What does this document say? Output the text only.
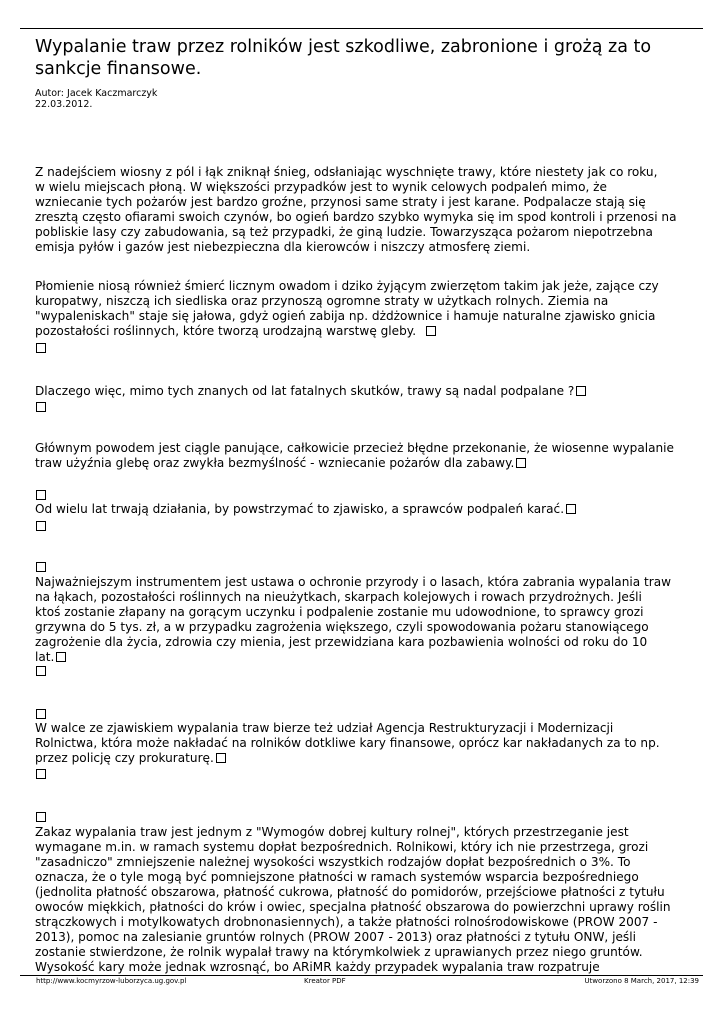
Wypalanie traw przez rolników jest szkodliwe, zabronione i grożą za to sankcje finansowe.
Autor: Jacek Kaczmarczyk
22.03.2012.
Z nadejściem wiosny z pól i łąk zniknął śnieg, odsłaniając wyschnięte trawy, które niestety jak co roku,
w wielu miejscach płoną. W większości przypadków jest to wynik celowych podpaleń mimo, że
wzniecanie tych pożarów jest bardzo groźne, przynosi same straty i jest karane. Podpalacze stają się
zresztą często ofiarami swoich czynów, bo ogień bardzo szybko wymyka się im spod kontroli i przenosi na
pobliskie lasy czy zabudowania, są też przypadki, że giną ludzie. Towarzysząca pożarom niepotrzebna
emisja pyłów i gazów jest niebezpieczna dla kierowców i niszczy atmosferę ziemi.
Płomienie niosą również śmierć licznym owadom i dziko żyjącym zwierzętom takim jak jeże, zające czy
kuropatwy, niszczą ich siedliska oraz przynoszą ogromne straty w użytkach rolnych. Ziemia na
"wypaleniskach" staje się jałowa, gdyż ogień zabija np. dżdżownice i hamuje naturalne zjawisko gnicia
pozostałości roślinnych, które tworzą urodzajną warstwę gleby.
Dlaczego więc, mimo tych znanych od lat fatalnych skutków, trawy są nadal podpalane ?
Głównym powodem jest ciągle panujące, całkowicie przecież błędne przekonanie, że wiosenne wypalanie
traw użyźnia glebę oraz zwykła bezmyślność - wzniecanie pożarów dla zabawy.
Od wielu lat trwają działania, by powstrzymać to zjawisko, a sprawców podpaleń karać.
Najważniejszym instrumentem jest ustawa o ochronie przyrody i o lasach, która zabrania wypalania traw
na łąkach, pozostałości roślinnych na nieużytkach, skarpach kolejowych i rowach przydrożnych. Jeśli
ktoś zostanie złapany na gorącym uczynku i podpalenie zostanie mu udowodnione, to sprawcy grozi
grzywna do 5 tys. zł, a w przypadku zagrożenia większego, czyli spowodowania pożaru stanowiącego
zagrożenie dla życia, zdrowia czy mienia, jest przewidziana kara pozbawienia wolności od roku do 10
lat.
W walce ze zjawiskiem wypalania traw bierze też udział Agencja Restrukturyzacji i Modernizacji
Rolnictwa, która może nakładać na rolników dotkliwe kary finansowe, oprócz kar nakładanych za to np.
przez policję czy prokuraturę.
Zakaz wypalania traw jest jednym z "Wymogów dobrej kultury rolnej", których przestrzeganie jest
wymagane m.in. w ramach systemu dopłat bezpośrednich. Rolnikowi, który ich nie przestrzega, grozi
"zasadniczo" zmniejszenie należnej wysokości wszystkich rodzajów dopłat bezpośrednich o 3%. To
oznacza, że o tyle mogą być pomniejszone płatności w ramach systemów wsparcia bezpośredniego
(jednolita płatność obszarowa, płatność cukrowa, płatność do pomidorów, przejściowe płatności z tytułu
owoców miękkich, płatności do krów i owiec, specjalna płatność obszarowa do powierzchni uprawy roślin
strączkowych i motylkowatych drobnonasiennych), a także płatności rolnośrodowiskowe (PROW 2007 -
2013), pomoc na zalesianie gruntów rolnych (PROW 2007 - 2013) oraz płatności z tytułu ONW, jeśli
zostanie stwierdzone, że rolnik wypalał trawy na którymkolwiek z uprawianych przez niego gruntów.
Wysokość kary może jednak wzrosnąć, bo ARiMR każdy przypadek wypalania traw rozpatruje
http://www.kocmyrzow-luborzyca.ug.gov.pl	Kreator PDF	Utworzono 8 March, 2017, 12:39
